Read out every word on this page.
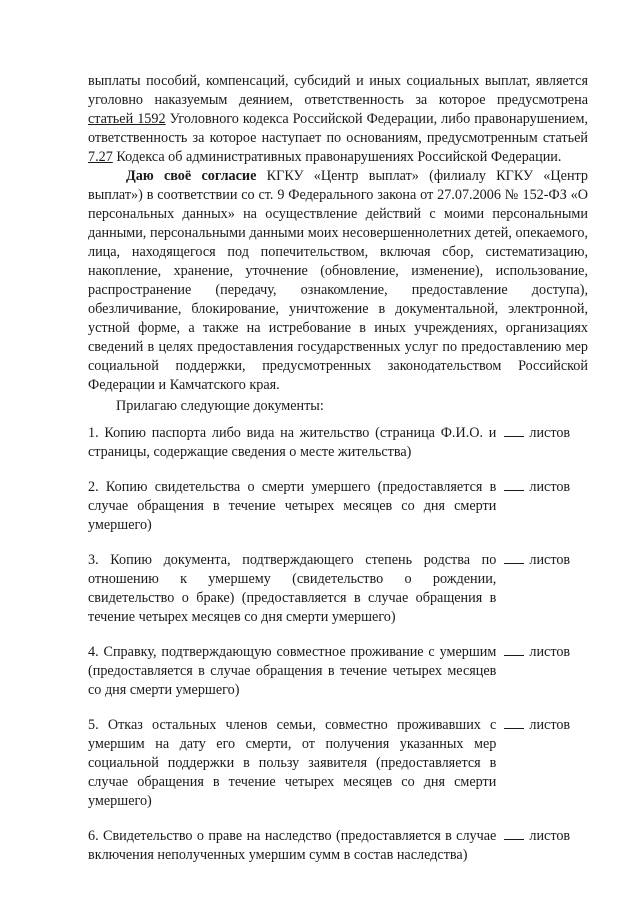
выплаты пособий, компенсаций, субсидий и иных социальных выплат, является уголовно наказуемым деянием, ответственность за которое предусмотрена статьей 1592 Уголовного кодекса Российской Федерации, либо правонарушением, ответственность за которое наступает по основаниям, предусмотренным статьей 7.27 Кодекса об административных правонарушениях Российской Федерации.

Даю своё согласие КГКУ «Центр выплат» (филиалу КГКУ «Центр выплат») в соответствии со ст. 9 Федерального закона от 27.07.2006 № 152-ФЗ «О персональных данных» на осуществление действий с моими персональными данными, персональными данными моих несовершеннолетних детей, опекаемого, лица, находящегося под попечительством, включая сбор, систематизацию, накопление, хранение, уточнение (обновление, изменение), использование, распространение (передачу, ознакомление, предоставление доступа), обезличивание, блокирование, уничтожение в документальной, электронной, устной форме, а также на истребование в иных учреждениях, организациях сведений в целях предоставления государственных услуг по предоставлению мер социальной поддержки, предусмотренных законодательством Российской Федерации и Камчатского края.

Прилагаю следующие документы:

1. Копию паспорта либо вида на жительство (страница Ф.И.О. и страницы, содержащие сведения о месте жительства)
листов
2. Копию свидетельства о смерти умершего (предоставляется в случае обращения в течение четырех месяцев со дня смерти умершего)
листов
3. Копию документа, подтверждающего степень родства по отношению к умершему (свидетельство о рождении, свидетельство о браке) (предоставляется в случае обращения в течение четырех месяцев со дня смерти умершего)
листов
4. Справку, подтверждающую совместное проживание с умершим (предоставляется в случае обращения в течение четырех месяцев со дня смерти умершего)
листов
5. Отказ остальных членов семьи, совместно проживавших с умершим на дату его смерти, от получения указанных мер социальной поддержки в пользу заявителя (предоставляется в случае обращения в течение четырех месяцев со дня смерти умершего)
листов
6. Свидетельство о праве на наследство (предоставляется в случае включения неполученных умершим сумм в состав наследства)
листов
